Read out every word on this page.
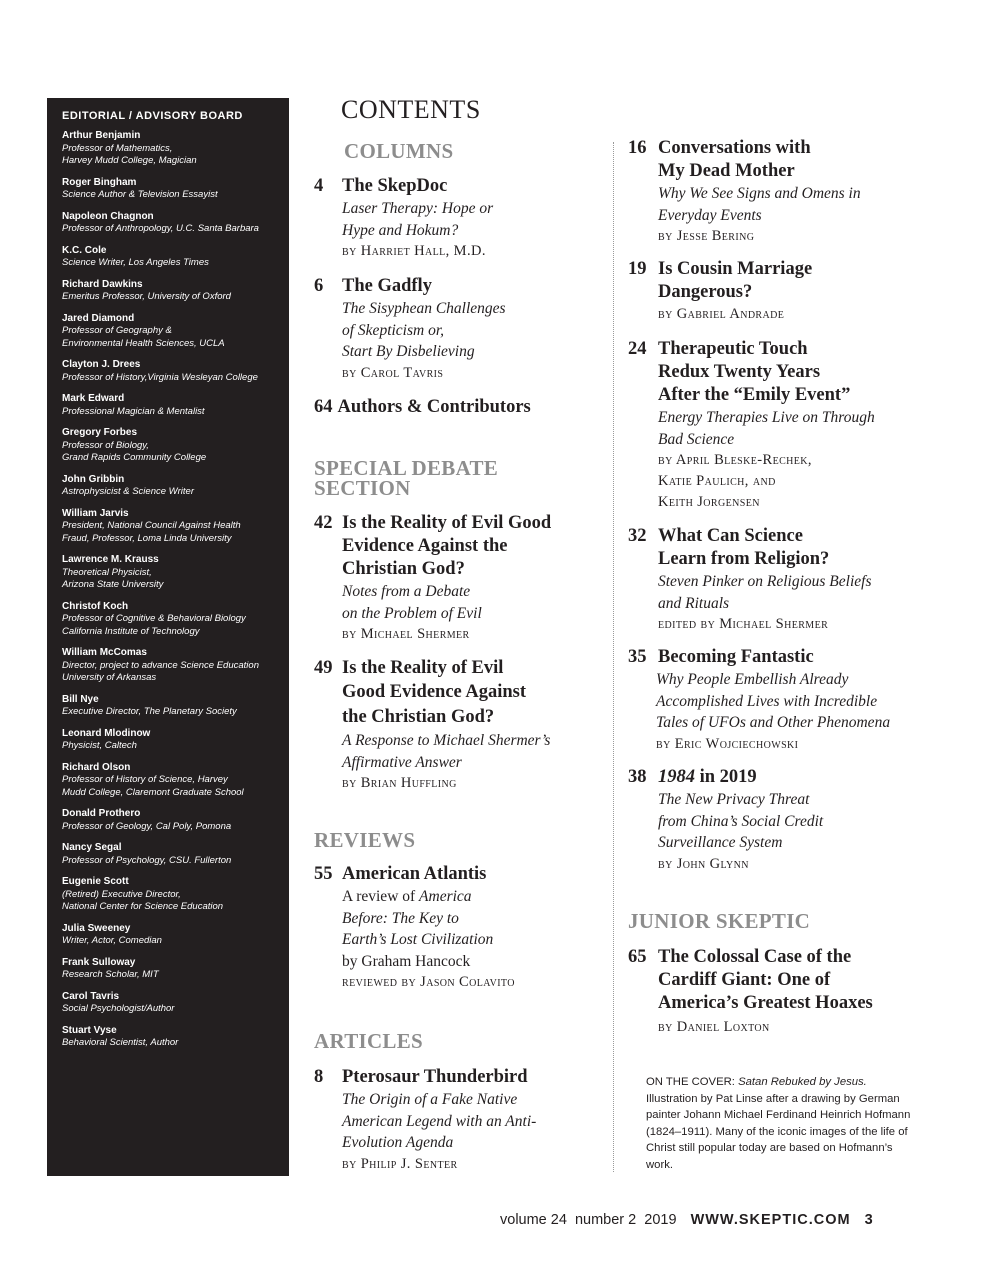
EDITORIAL / ADVISORY BOARD
Arthur Benjamin
Professor of Mathematics,
Harvey Mudd College, Magician
Roger Bingham
Science Author & Television Essayist
Napoleon Chagnon
Professor of Anthropology, U.C. Santa Barbara
K.C. Cole
Science Writer, Los Angeles Times
Richard Dawkins
Emeritus Professor, University of Oxford
Jared Diamond
Professor of Geography &
Environmental Health Sciences, UCLA
Clayton J. Drees
Professor of History,Virginia Wesleyan College
Mark Edward
Professional Magician & Mentalist
Gregory Forbes
Professor of Biology,
Grand Rapids Community College
John Gribbin
Astrophysicist & Science Writer
William Jarvis
President, National Council Against Health
Fraud, Professor, Loma Linda University
Lawrence M. Krauss
Theoretical Physicist,
Arizona State University
Christof Koch
Professor of Cognitive & Behavioral Biology
California Institute of Technology
William McComas
Director, project to advance Science Education
University of Arkansas
Bill Nye
Executive Director, The Planetary Society
Leonard Mlodinow
Physicist, Caltech
Richard Olson
Professor of History of Science, Harvey
Mudd College, Claremont Graduate School
Donald Prothero
Professor of Geology, Cal Poly, Pomona
Nancy Segal
Professor of Psychology, CSU. Fullerton
Eugenie Scott
(Retired) Executive Director,
National Center for Science Education
Julia Sweeney
Writer, Actor, Comedian
Frank Sulloway
Research Scholar, MIT
Carol Tavris
Social Psychologist/Author
Stuart Vyse
Behavioral Scientist, Author
CONTENTS
COLUMNS
4	The SkepDoc
Laser Therapy: Hope or
Hype and Hokum?
by Harriet Hall, M.D.
6	The Gadfly
The Sisyphean Challenges
of Skepticism or,
Start By Disbelieving
by Carol Tavris
64 Authors & Contributors
SPECIAL DEBATE
SECTION
42 Is the Reality of Evil Good
Evidence Against the
Christian God?
Notes from a Debate
on the Problem of Evil
by Michael Shermer
49 Is the Reality of Evil
Good Evidence Against
the Christian God?
A Response to Michael Shermer’s
Affirmative Answer
by Brian Huffling
REVIEWS
55 American Atlantis
A review of America
Before: The Key to
Earth’s Lost Civilization
by Graham Hancock
reviewed by Jason Colavito
ARTICLES
8	Pterosaur Thunderbird
The Origin of a Fake Native
American Legend with an Anti-
Evolution Agenda
by Philip J. Senter
16 Conversations with
My Dead Mother
Why We See Signs and Omens in
Everyday Events
by Jesse Bering
19 Is Cousin Marriage
Dangerous?
by Gabriel Andrade
24 Therapeutic Touch
Redux Twenty Years
After the “Emily Event”
Energy Therapies Live on Through
Bad Science
by April Bleske-Rechek,
Katie Paulich, and
Keith Jorgensen
32 What Can Science
Learn from Religion?
Steven Pinker on Religious Beliefs
and Rituals
edited by Michael Shermer
35 Becoming Fantastic
Why People Embellish Already
Accomplished Lives with Incredible
Tales of UFOs and Other Phenomena
by Eric Wojciechowski
38 1984 in 2019
The New Privacy Threat
from China’s Social Credit
Surveillance System
by John Glynn
JUNIOR SKEPTIC
65 The Colossal Case of the
Cardiff Giant: One of
America’s Greatest Hoaxes
by Daniel Loxton
ON THE COVER: Satan Rebuked by Jesus. Illustration by Pat Linse after a drawing by German painter Johann Michael Ferdinand Heinrich Hofmann (1824–1911). Many of the iconic images of the life of Christ still popular today are based on Hofmann’s work.
volume 24  number 2  2019 WWW.SKEPTIC.COM 3
